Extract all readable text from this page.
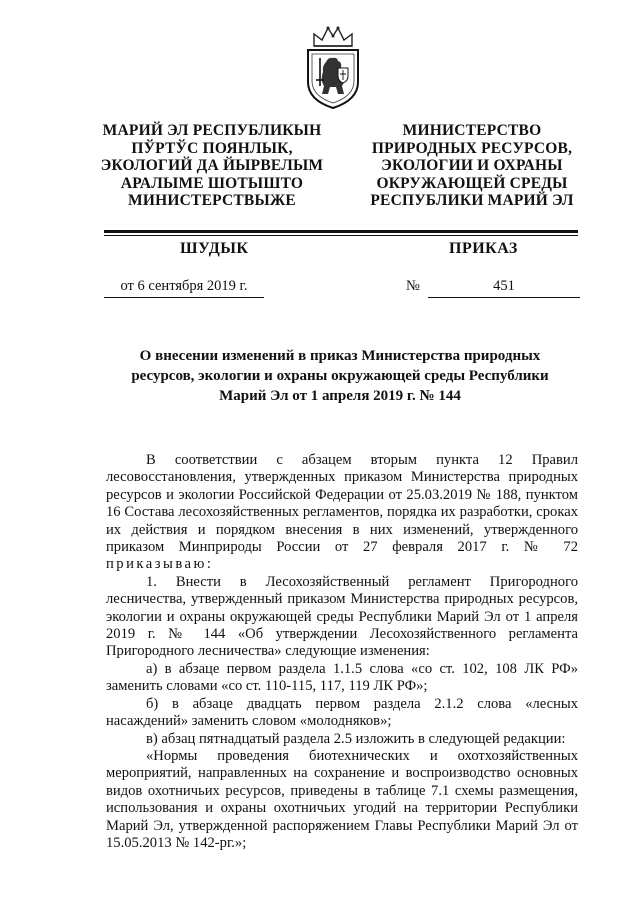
МАРИЙ ЭЛ РЕСПУБЛИКЫН
ПЎРТЎС ПОЯНЛЫК,
ЭКОЛОГИЙ ДА ЙЫРВЕЛЫМ
АРАЛЫМЕ ШОТЫШТО
МИНИСТЕРСТВЫЖЕ
МИНИСТЕРСТВО
ПРИРОДНЫХ РЕСУРСОВ,
ЭКОЛОГИИ И ОХРАНЫ
ОКРУЖАЮЩЕЙ СРЕДЫ
РЕСПУБЛИКИ МАРИЙ ЭЛ
ШУДЫК	ПРИКАЗ
от 6 сентября 2019 г.	№	451
О внесении изменений в приказ Министерства природных ресурсов, экологии и охраны окружающей среды Республики Марий Эл от 1 апреля 2019 г. № 144

В соответствии с абзацем вторым пункта 12 Правил лесовосстановления, утвержденных приказом Министерства природных ресурсов и экологии Российской Федерации от 25.03.2019 № 188, пунктом 16 Состава лесохозяйственных регламентов, порядка их разработки, сроках их действия и порядком внесения в них изменений, утвержденного приказом Минприроды России от 27 февраля 2017 г. № 72 приказываю:

1. Внести в Лесохозяйственный регламент Пригородного лесничества, утвержденный приказом Министерства природных ресурсов, экологии и охраны окружающей среды Республики Марий Эл от 1 апреля 2019 г. № 144 «Об утверждении Лесохозяйственного регламента Пригородного лесничества» следующие изменения:

а) в абзаце первом раздела 1.1.5 слова «со ст. 102, 108 ЛК РФ» заменить словами «со ст. 110-115, 117, 119 ЛК РФ»;

б) в абзаце двадцать первом раздела 2.1.2 слова «лесных насаждений» заменить словом «молодняков»;

в) абзац пятнадцатый раздела 2.5 изложить в следующей редакции:

«Нормы проведения биотехнических и охотхозяйственных мероприятий, направленных на сохранение и воспроизводство основных видов охотничьих ресурсов, приведены в таблице 7.1 схемы размещения, использования и охраны охотничьих угодий на территории Республики Марий Эл, утвержденной распоряжением Главы Республики Марий Эл от 15.05.2013 № 142-рг.»;
